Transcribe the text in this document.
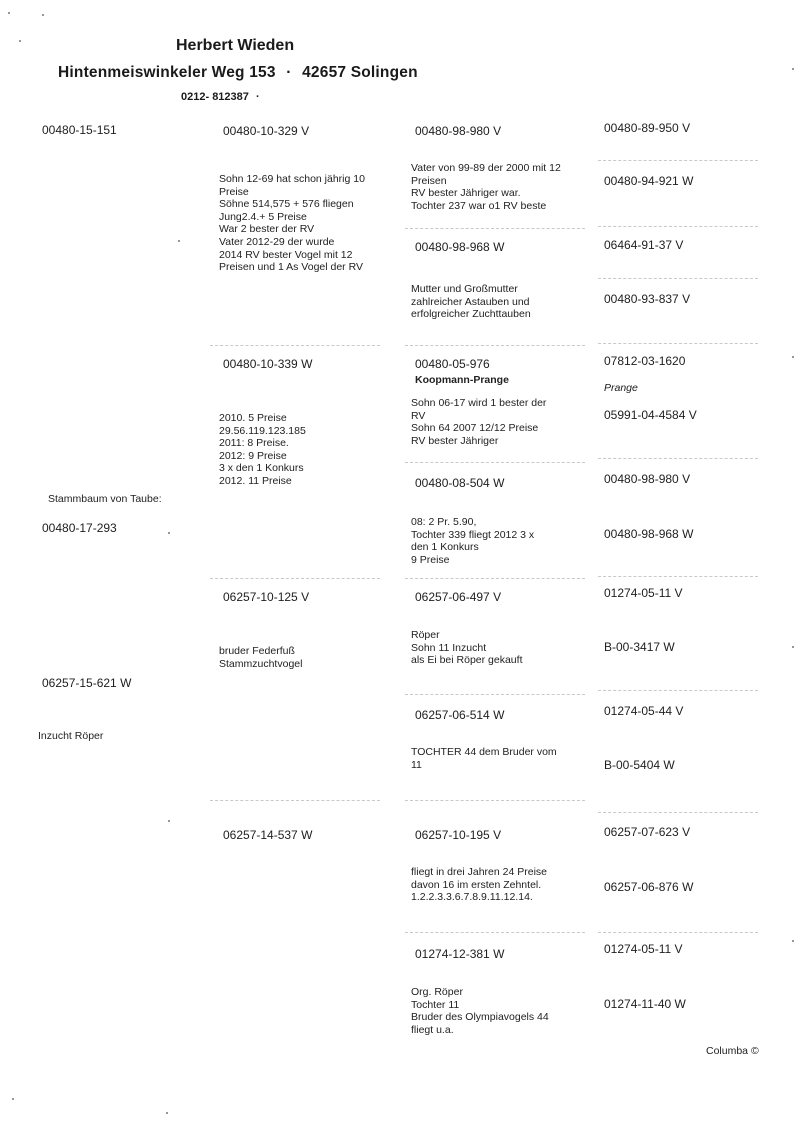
Herbert Wieden
Hintenmeiswinkeler Weg 153 · 42657 Solingen
0212- 812387 ·
00480-15-151
Stammbaum von Taube:
00480-17-293
06257-15-621 W
Inzucht Röper
00480-10-329 V
Sohn 12-69 hat schon jährig 10
Preise
Söhne 514,575 + 576 fliegen
Jung2.4.+ 5 Preise
War 2 bester der RV
Vater 2012-29 der wurde
2014 RV bester Vogel mit 12
Preisen und 1 As Vogel der RV
00480-10-339 W
2010. 5 Preise
29.56.119.123.185
2011: 8 Preise.
2012: 9 Preise
3 x den 1 Konkurs
2012. 11 Preise
06257-10-125 V
bruder Federfuß
Stammzuchtvogel
06257-14-537 W
00480-98-980 V
Vater von 99-89 der 2000 mit 12
Preisen
RV bester Jähriger war.
Tochter 237 war o1 RV beste
00480-98-968 W
Mutter und Großmutter
zahlreicher Astauben und
erfolgreicher Zuchttauben
00480-05-976
Koopmann-Prange
Sohn 06-17 wird 1 bester der
RV
Sohn 64 2007 12/12 Preise
RV bester Jähriger
00480-08-504 W
08: 2 Pr. 5.90,
Tochter 339 fliegt 2012 3 x
den 1 Konkurs
9 Preise
06257-06-497 V
Röper
Sohn 11 Inzucht
als Ei bei Röper gekauft
06257-06-514 W
TOCHTER 44 dem Bruder vom
11
06257-10-195 V
fliegt in drei Jahren 24 Preise
davon 16 im ersten Zehntel.
1.2.2.3.3.6.7.8.9.11.12.14.
01274-12-381 W
Org. Röper
Tochter 11
Bruder des Olympiavogels 44
fliegt u.a.
00480-89-950 V
00480-94-921 W
06464-91-37 V
00480-93-837 V
07812-03-1620
Prange
05991-04-4584 V
00480-98-980 V
00480-98-968 W
01274-05-11 V
B-00-3417 W
01274-05-44 V
B-00-5404 W
06257-07-623 V
06257-06-876 W
01274-05-11 V
01274-11-40 W
Columba ©
